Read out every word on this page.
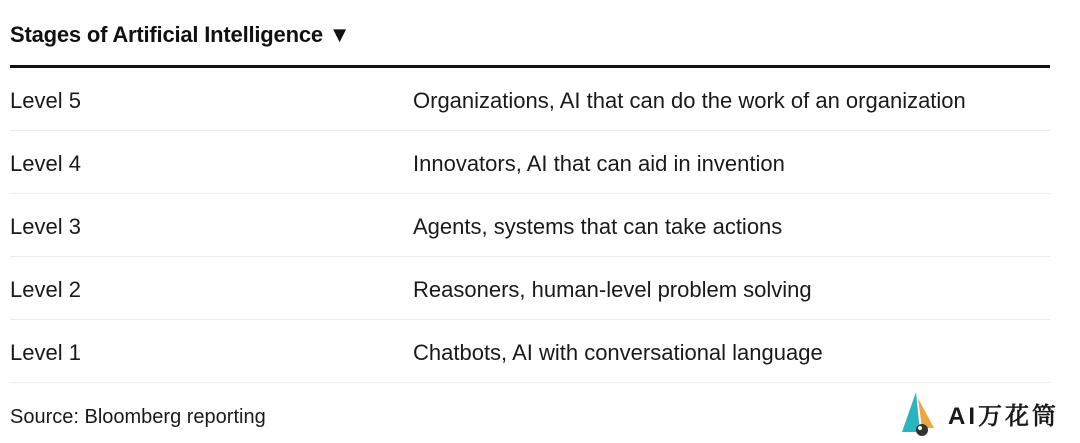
Stages of Artificial Intelligence ▼
Level 5	Organizations, AI that can do the work of an organization
Level 4	Innovators, AI that can aid in invention
Level 3	Agents, systems that can take actions
Level 2	Reasoners, human-level problem solving
Level 1	Chatbots, AI with conversational language
Source: Bloomberg reporting	AI万花筒
